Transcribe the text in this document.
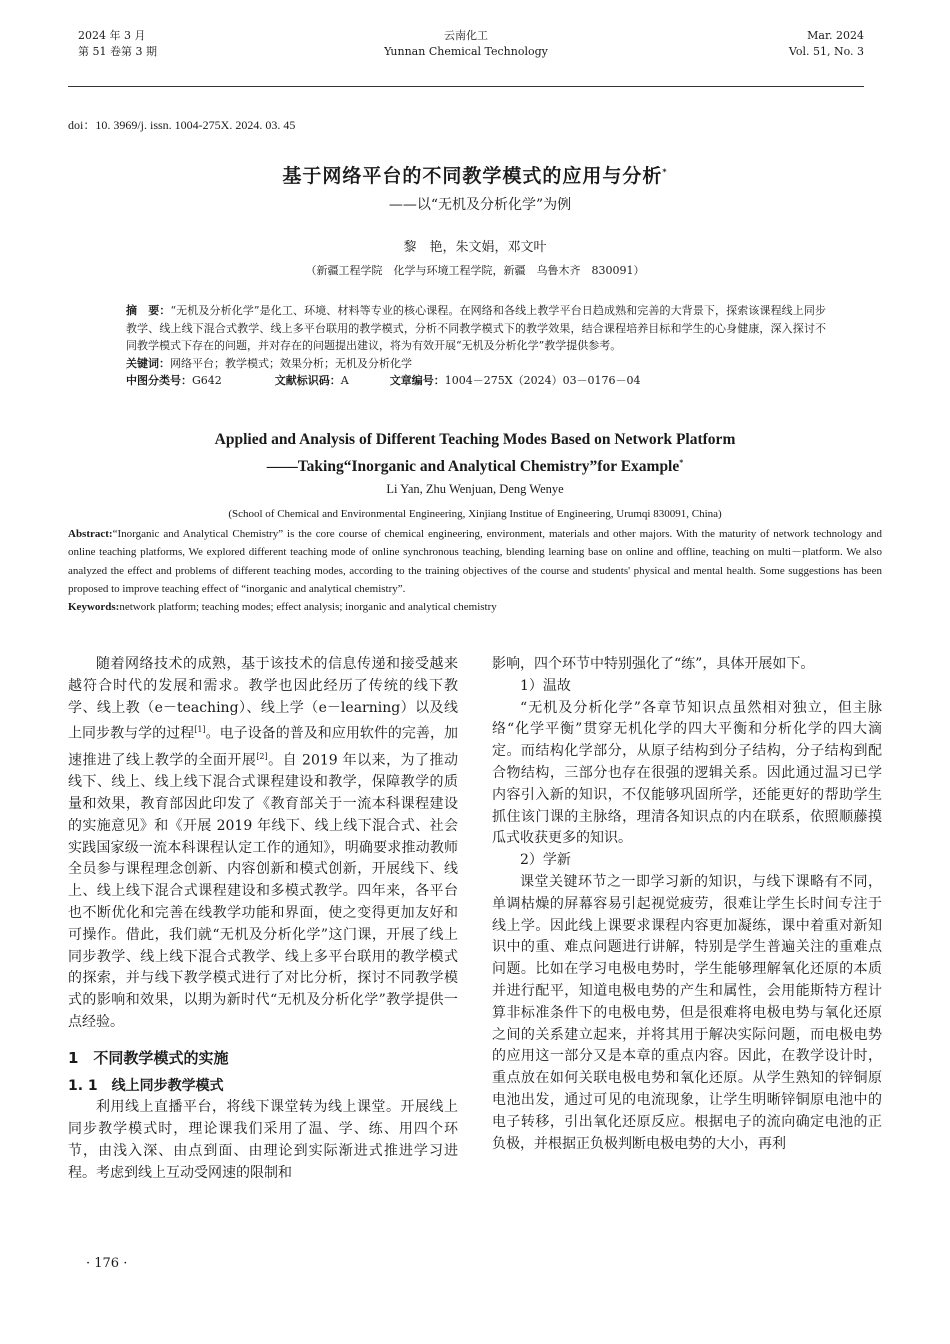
2024 年 3 月
第 51 卷第 3 期
云南化工
Yunnan Chemical Technology
Mar. 2024
Vol. 51, No. 3
doi：10. 3969/j. issn. 1004-275X. 2024. 03. 45
基于网络平台的不同教学模式的应用与分析*
——以“无机及分析化学”为例
黎　艳，朱文娟，邓文叶
（新疆工程学院　化学与环境工程学院，新疆　乌鲁木齐　830091）
摘　要：“无机及分析化学”是化工、环境、材料等专业的核心课程。在网络和各线上教学平台日趋成熟和完善的大背景下，探索该课程线上同步教学、线上线下混合式教学、线上多平台联用的教学模式，分析不同教学模式下的教学效果，结合课程培养目标和学生的心身健康，深入探讨不同教学模式下存在的问题，并对存在的问题提出建议，将为有效开展“无机及分析化学”教学提供参考。
关键词：网络平台；教学模式；效果分析；无机及分析化学
中图分类号：G642	文献标识码：A	文章编号：1004－275X（2024）03－0176－04
Applied and Analysis of Different Teaching Modes Based on Network Platform
——Taking“Inorganic and Analytical Chemistry”for Example*
Li Yan, Zhu Wenjuan, Deng Wenye
(School of Chemical and Environmental Engineering, Xinjiang Institue of Engineering, Urumqi 830091, China)
Abstract:“Inorganic and Analytical Chemistry” is the core course of chemical engineering, environment, materials and other majors. With the maturity of network technology and online teaching platforms, We explored different teaching mode of online synchronous teaching, blending learning base on online and offline, teaching on multi－platform. We also analyzed the effect and problems of different teaching modes, according to the training objectives of the course and students' physical and mental health. Some suggestions has been proposed to improve teaching effect of “inorganic and analytical chemistry”.
Keywords:network platform; teaching modes; effect analysis; inorganic and analytical chemistry

随着网络技术的成熟，基于该技术的信息传递和接受越来越符合时代的发展和需求。教学也因此经历了传统的线下教学、线上教（e－teaching）、线上学（e－learning）以及线上同步教与学的过程[1]。电子设备的普及和应用软件的完善，加速推进了线上教学的全面开展[2]。自 2019 年以来，为了推动线下、线上、线上线下混合式课程建设和教学，保障教学的质量和效果，教育部因此印发了《教育部关于一流本科课程建设的实施意见》和《开展 2019 年线下、线上线下混合式、社会实践国家级一流本科课程认定工作的通知》，明确要求推动教师全员参与课程理念创新、内容创新和模式创新，开展线下、线上、线上线下混合式课程建设和多模式教学。四年来，各平台也不断优化和完善在线教学功能和界面，使之变得更加友好和可操作。借此，我们就“无机及分析化学”这门课，开展了线上同步教学、线上线下混合式教学、线上多平台联用的教学模式的探索，并与线下教学模式进行了对比分析，探讨不同教学模式的影响和效果，以期为新时代“无机及分析化学”教学提供一点经验。

1　不同教学模式的实施
1. 1　线上同步教学模式

利用线上直播平台，将线下课堂转为线上课堂。开展线上同步教学模式时，理论课我们采用了温、学、练、用四个环节，由浅入深、由点到面、由理论到实际渐进式推进学习进程。考虑到线上互动受网速的限制和

影响，四个环节中特别强化了“练”，具体开展如下。

1）温故

“无机及分析化学”各章节知识点虽然相对独立，但主脉络“化学平衡”贯穿无机化学的四大平衡和分析化学的四大滴定。而结构化学部分，从原子结构到分子结构，分子结构到配合物结构，三部分也存在很强的逻辑关系。因此通过温习已学内容引入新的知识，不仅能够巩固所学，还能更好的帮助学生抓住该门课的主脉络，理清各知识点的内在联系，依照顺藤摸瓜式收获更多的知识。

2）学新

课堂关键环节之一即学习新的知识，与线下课略有不同，单调枯燥的屏幕容易引起视觉疲劳，很难让学生长时间专注于线上学。因此线上课要求课程内容更加凝练，课中着重对新知识中的重、难点问题进行讲解，特别是学生普遍关注的重难点问题。比如在学习电极电势时，学生能够理解氧化还原的本质并进行配平，知道电极电势的产生和属性，会用能斯特方程计算非标准条件下的电极电势，但是很难将电极电势与氧化还原之间的关系建立起来，并将其用于解决实际问题，而电极电势的应用这一部分又是本章的重点内容。因此，在教学设计时，重点放在如何关联电极电势和氧化还原。从学生熟知的锌铜原电池出发，通过可见的电流现象，让学生明晰锌铜原电池中的电子转移，引出氧化还原反应。根据电子的流向确定电池的正负极，并根据正负极判断电极电势的大小，再利

· 176 ·
